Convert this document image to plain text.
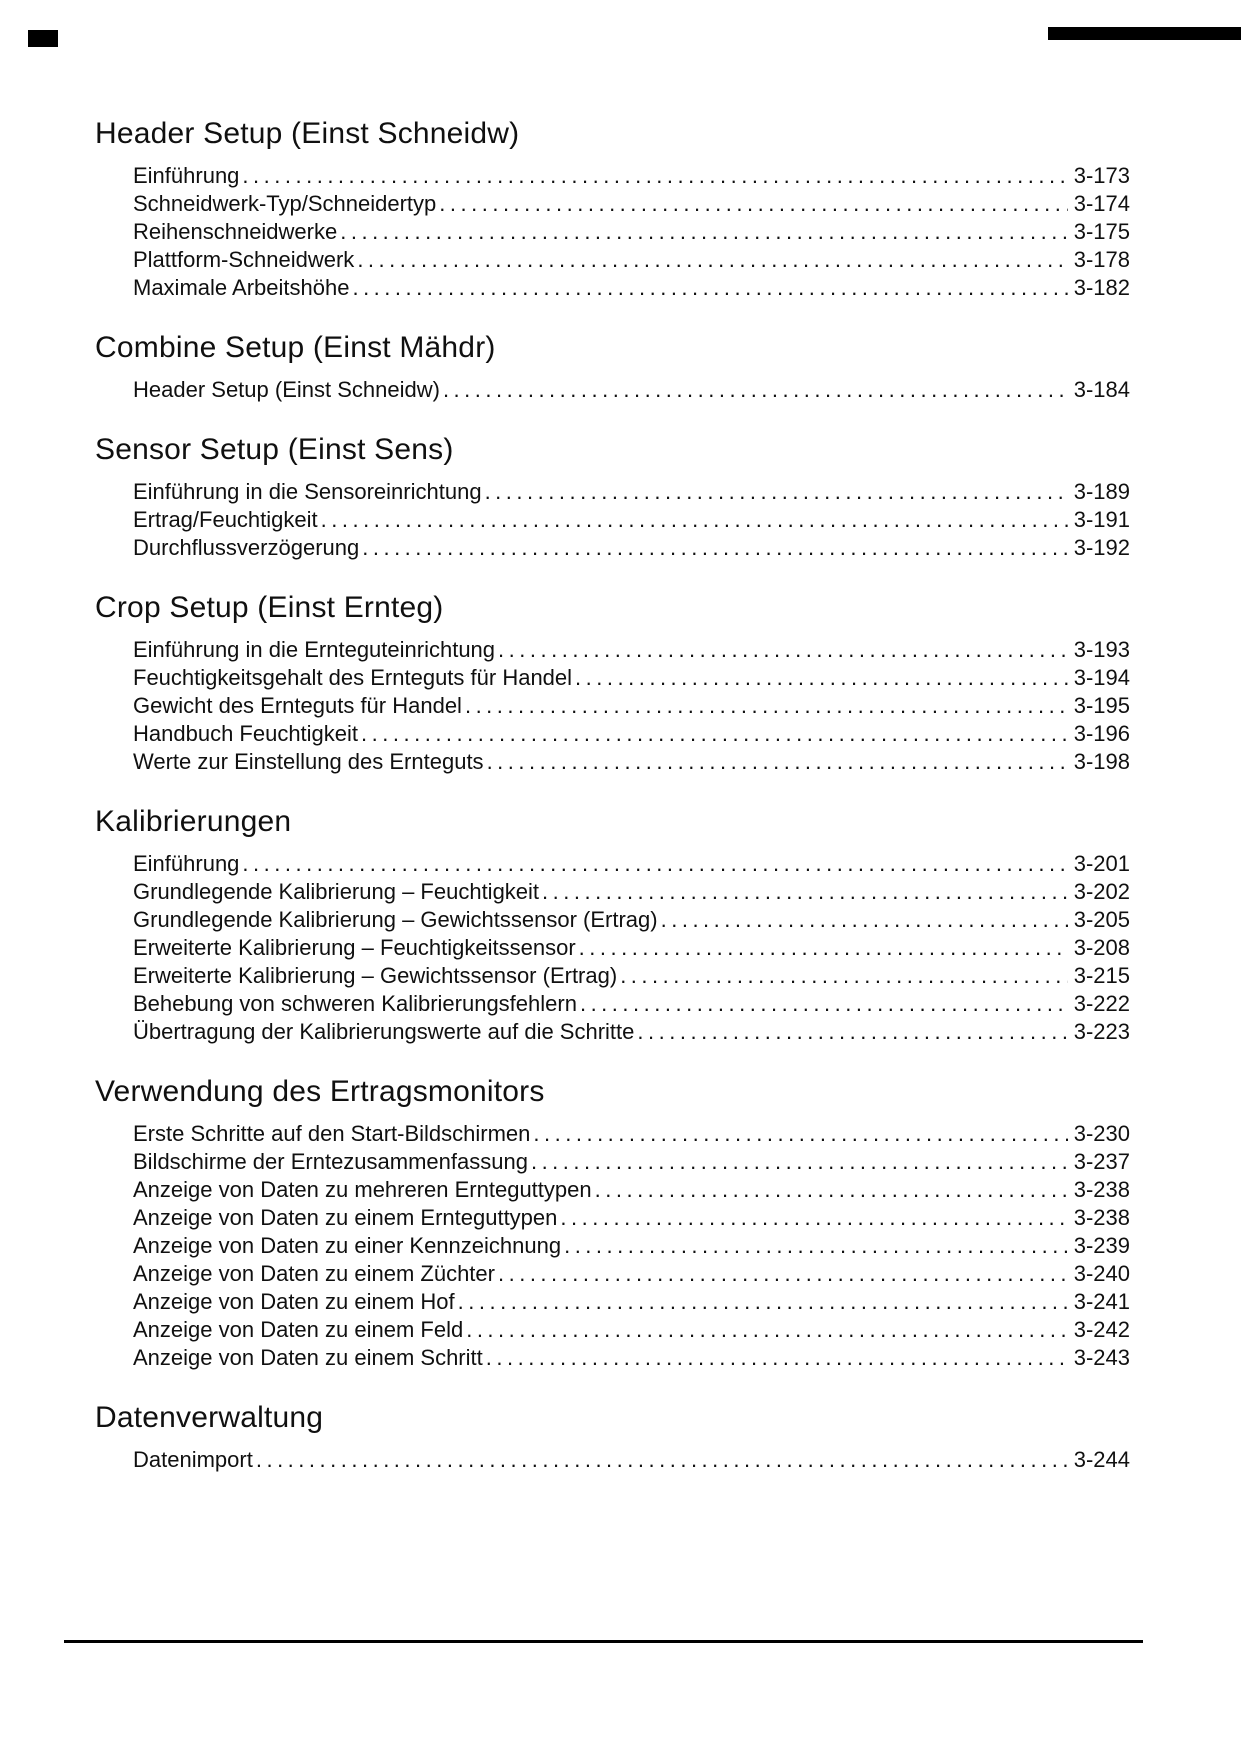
Header Setup (Einst Schneidw)
Einführung .....	3-173
Schneidwerk-Typ/Schneidertyp .....	3-174
Reihenschneidwerke .....	3-175
Plattform-Schneidwerk .....	3-178
Maximale Arbeitshöhe .....	3-182
Combine Setup (Einst Mähdr)
Header Setup (Einst Schneidw) .....	3-184
Sensor Setup (Einst Sens)
Einführung in die Sensoreinrichtung .....	3-189
Ertrag/Feuchtigkeit .....	3-191
Durchflussverzögerung .....	3-192
Crop Setup (Einst Ernteg)
Einführung in die Ernteguteinrichtung .....	3-193
Feuchtigkeitsgehalt des Ernteguts für Handel .....	3-194
Gewicht des Ernteguts für Handel .....	3-195
Handbuch Feuchtigkeit .....	3-196
Werte zur Einstellung des Ernteguts .....	3-198
Kalibrierungen
Einführung .....	3-201
Grundlegende Kalibrierung – Feuchtigkeit .....	3-202
Grundlegende Kalibrierung – Gewichtssensor (Ertrag) .....	3-205
Erweiterte Kalibrierung – Feuchtigkeitssensor .....	3-208
Erweiterte Kalibrierung – Gewichtssensor (Ertrag) .....	3-215
Behebung von schweren Kalibrierungsfehlern .....	3-222
Übertragung der Kalibrierungswerte auf die Schritte .....	3-223
Verwendung des Ertragsmonitors
Erste Schritte auf den Start-Bildschirmen .....	3-230
Bildschirme der Erntezusammenfassung .....	3-237
Anzeige von Daten zu mehreren Ernteguttypen .....	3-238
Anzeige von Daten zu einem Ernteguttypen .....	3-238
Anzeige von Daten zu einer Kennzeichnung .....	3-239
Anzeige von Daten zu einem Züchter .....	3-240
Anzeige von Daten zu einem Hof .....	3-241
Anzeige von Daten zu einem Feld .....	3-242
Anzeige von Daten zu einem Schritt .....	3-243
Datenverwaltung
Datenimport .....	3-244
